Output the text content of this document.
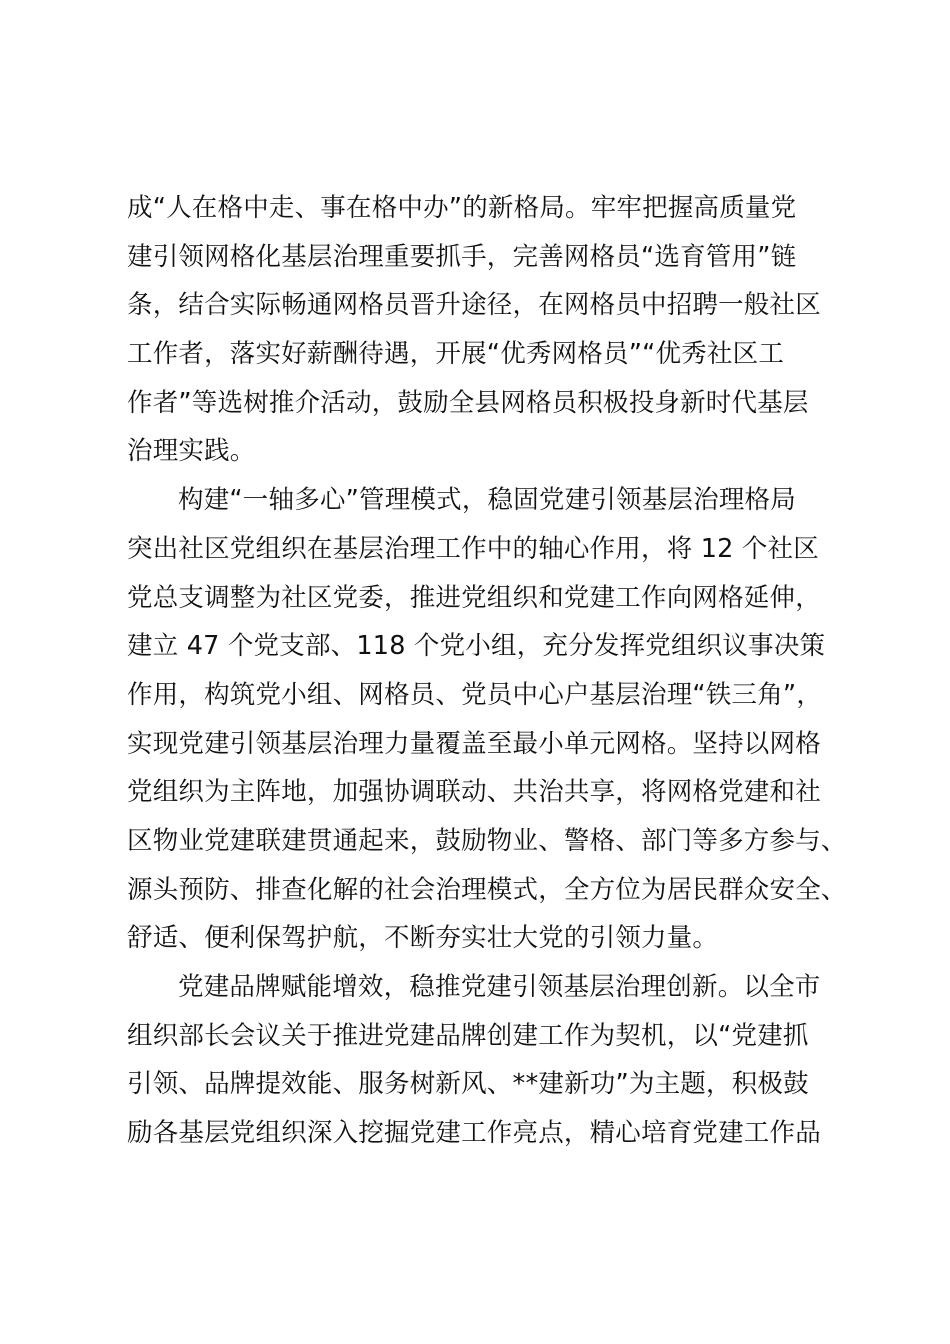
成“人在格中走、事在格中办”的新格局。牢牢把握高质量党
建引领网格化基层治理重要抓手，完善网格员“选育管用”链
条，结合实际畅通网格员晋升途径，在网格员中招聘一般社区
工作者，落实好薪酬待遇，开展“优秀网格员”“优秀社区工
作者”等选树推介活动，鼓励全县网格员积极投身新时代基层
治理实践。
构建“一轴多心”管理模式，稳固党建引领基层治理格局
突出社区党组织在基层治理工作中的轴心作用，将 12 个社区
党总支调整为社区党委，推进党组织和党建工作向网格延伸，
建立 47 个党支部、118 个党小组，充分发挥党组织议事决策
作用，构筑党小组、网格员、党员中心户基层治理“铁三角”，
实现党建引领基层治理力量覆盖至最小单元网格。坚持以网格
党组织为主阵地，加强协调联动、共治共享，将网格党建和社
区物业党建联建贯通起来，鼓励物业、警格、部门等多方参与、
源头预防、排查化解的社会治理模式，全方位为居民群众安全、
舒适、便利保驾护航，不断夯实壮大党的引领力量。
党建品牌赋能增效，稳推党建引领基层治理创新。以全市
组织部长会议关于推进党建品牌创建工作为契机，以“党建抓
引领、品牌提效能、服务树新风、**建新功”为主题，积极鼓
励各基层党组织深入挖掘党建工作亮点，精心培育党建工作品
